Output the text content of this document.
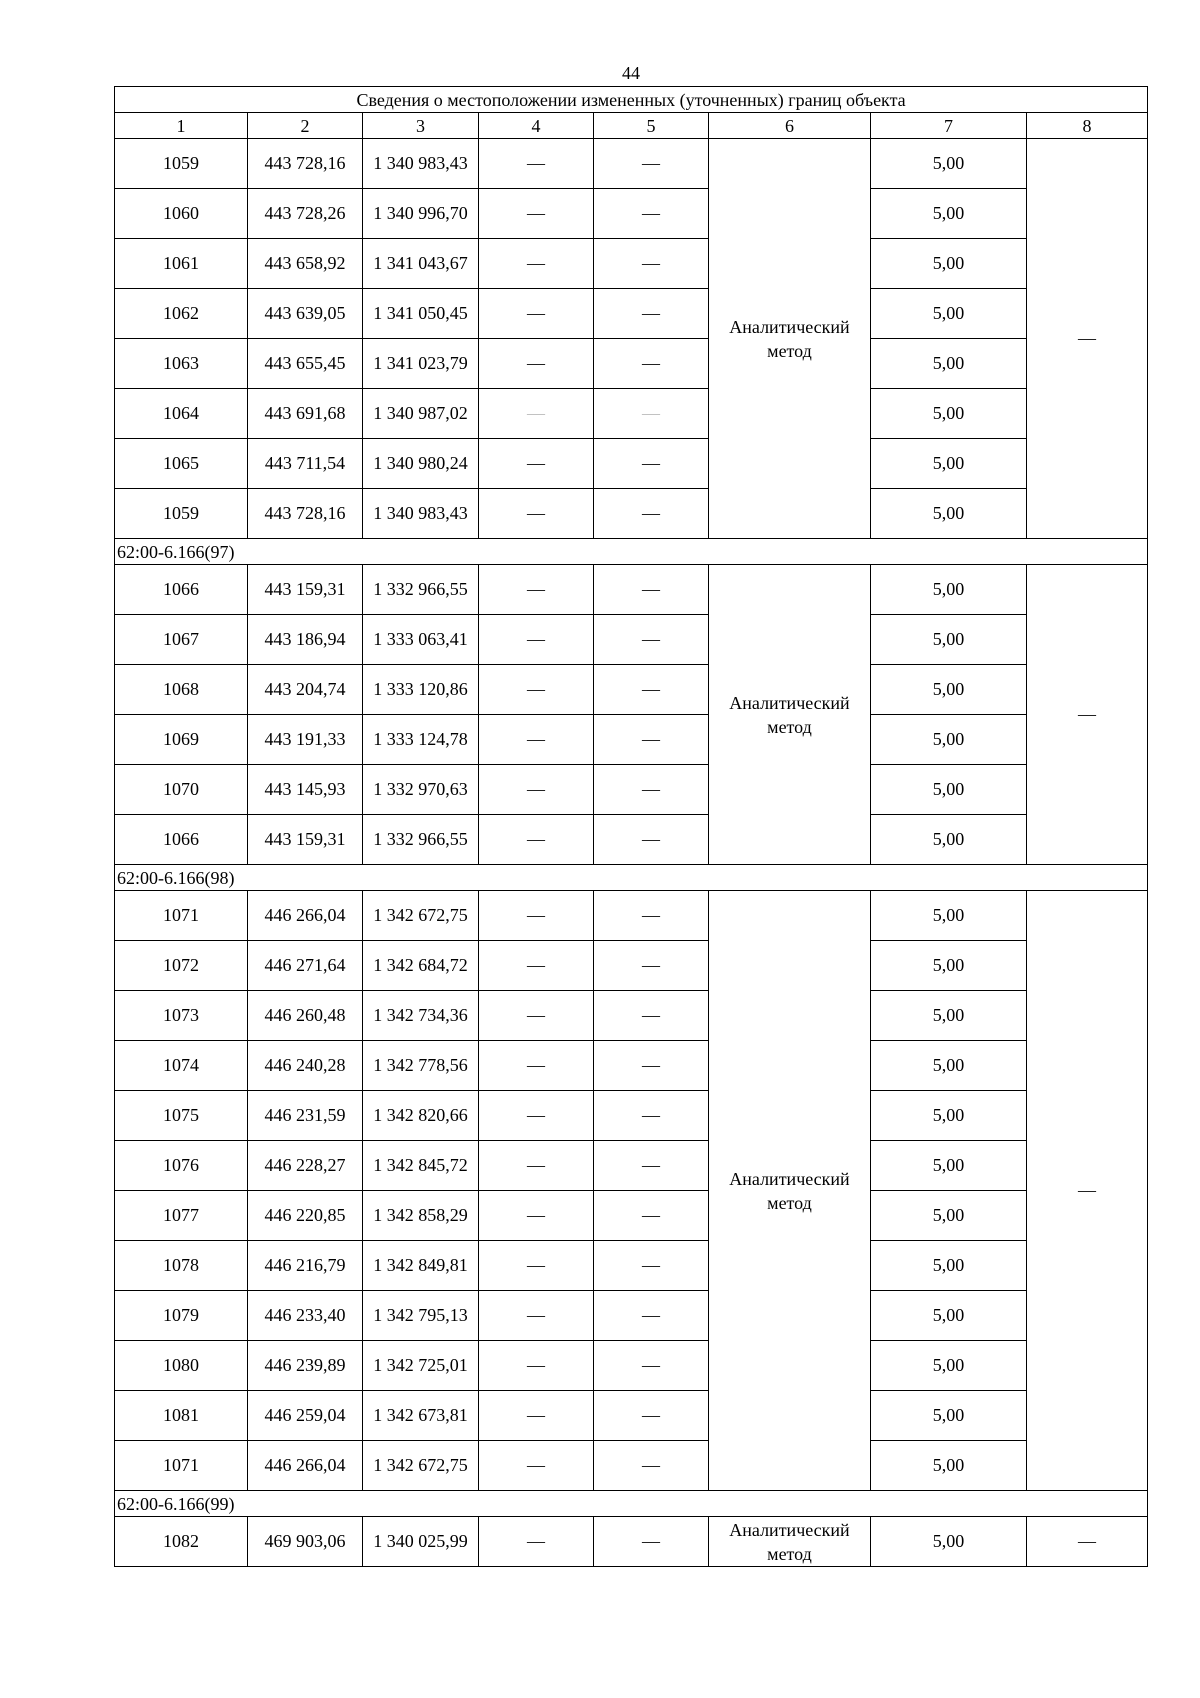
44
Сведения о местоположении измененных (уточненных) границ объекта							
1	2	3	4	5	6	7	8
1059	443 728,16	1 340 983,43	—	—	Аналитический метод	5,00	—
1060	443 728,26	1 340 996,70	—	—		5,00	
1061	443 658,92	1 341 043,67	—	—		5,00	
1062	443 639,05	1 341 050,45	—	—		5,00	
1063	443 655,45	1 341 023,79	—	—		5,00	
1064	443 691,68	1 340 987,02	—	—		5,00	
1065	443 711,54	1 340 980,24	—	—		5,00	
1059	443 728,16	1 340 983,43	—	—		5,00	
62:00-6.166(97)							
1066	443 159,31	1 332 966,55	—	—	Аналитический метод	5,00	—
1067	443 186,94	1 333 063,41	—	—		5,00	
1068	443 204,74	1 333 120,86	—	—		5,00	
1069	443 191,33	1 333 124,78	—	—		5,00	
1070	443 145,93	1 332 970,63	—	—		5,00	
1066	443 159,31	1 332 966,55	—	—		5,00	
62:00-6.166(98)							
1071	446 266,04	1 342 672,75	—	—	Аналитический метод	5,00	—
1072	446 271,64	1 342 684,72	—	—		5,00	
1073	446 260,48	1 342 734,36	—	—		5,00	
1074	446 240,28	1 342 778,56	—	—		5,00	
1075	446 231,59	1 342 820,66	—	—		5,00	
1076	446 228,27	1 342 845,72	—	—		5,00	
1077	446 220,85	1 342 858,29	—	—		5,00	
1078	446 216,79	1 342 849,81	—	—		5,00	
1079	446 233,40	1 342 795,13	—	—		5,00	
1080	446 239,89	1 342 725,01	—	—		5,00	
1081	446 259,04	1 342 673,81	—	—		5,00	
1071	446 266,04	1 342 672,75	—	—		5,00	
62:00-6.166(99)							
1082	469 903,06	1 340 025,99	—	—	Аналитический метод	5,00	—
